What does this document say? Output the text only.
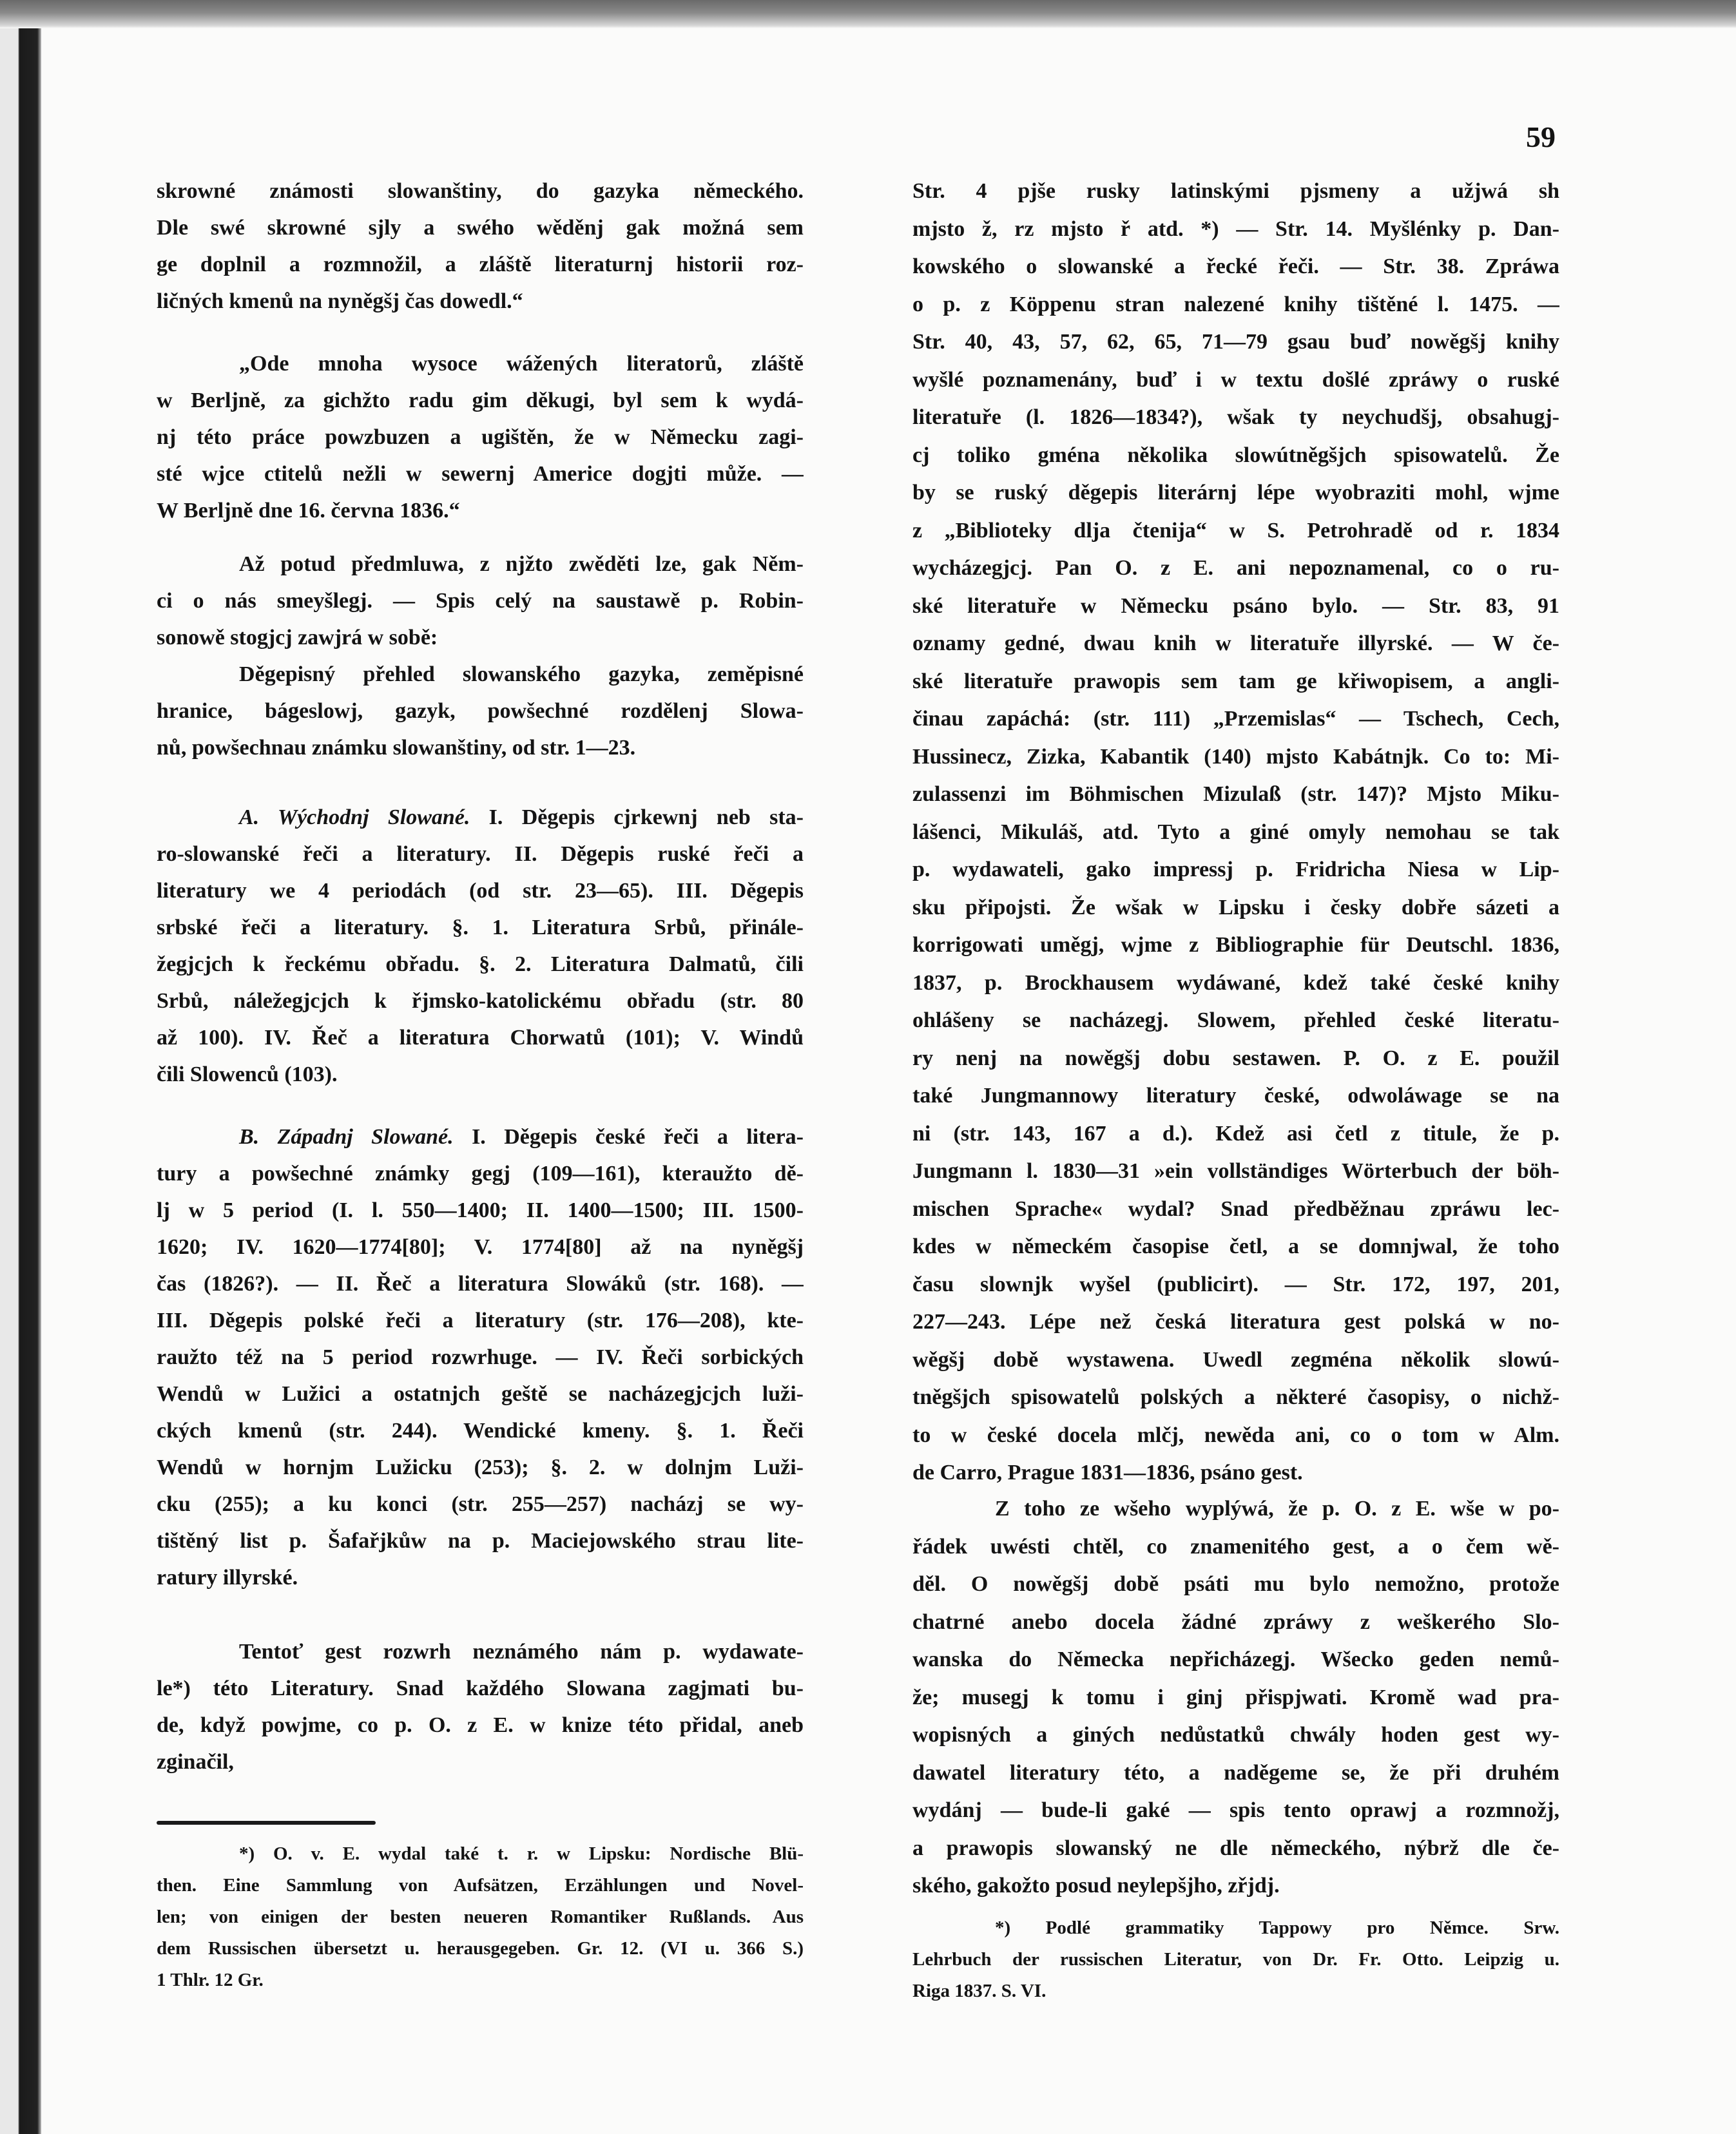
59
skrowné známosti slowanštiny, do gazyka německého.
Dle swé skrowné sjly a swého wěděnj gak možná sem
ge doplnil a rozmnožil, a zláště literaturnj historii roz-
ličných kmenů na nyněgšj čas dowedl.“
„Ode mnoha wysoce wážených literatorů, zláště
w Berljně, za gichžto radu gim děkugi, byl sem k wydá-
nj této práce powzbuzen a ugištěn, že w Německu zagi-
sté wjce ctitelů nežli w sewernj Americe dogjti může. —
W Berljně dne 16. června 1836.“
Až potud předmluwa, z njžto zwěděti lze, gak Něm-
ci o nás smeyšlegj. — Spis celý na saustawě p. Robin-
sonowě stogjcj zawjrá w sobě:
Děgepisný přehled slowanského gazyka, zeměpisné
hranice, bágeslowj, gazyk, powšechné rozdělenj Slowa-
nů, powšechnau známku slowanštiny, od str. 1—23.
A. Wýchodnj Slowané. I. Děgepis cjrkewnj neb sta-
ro-slowanské řeči a literatury. II. Děgepis ruské řeči a
literatury we 4 periodách (od str. 23—65). III. Děgepis
srbské řeči a literatury. §. 1. Literatura Srbů, přinále-
žegjcjch k řeckému obřadu. §. 2. Literatura Dalmatů, čili
Srbů, náležegjcjch k řjmsko-katolickému obřadu (str. 80
až 100). IV. Řeč a literatura Chorwatů (101); V. Windů
čili Slowenců (103).
B. Západnj Slowané. I. Děgepis české řeči a litera-
tury a powšechné známky gegj (109—161), kteraužto dě-
lj w 5 period (I. l. 550—1400; II. 1400—1500; III. 1500-
1620; IV. 1620—1774[80]; V. 1774[80] až na nyněgšj
čas (1826?). — II. Řeč a literatura Slowáků (str. 168). —
III. Děgepis polské řeči a literatury (str. 176—208), kte-
raužto též na 5 period rozwrhuge. — IV. Řeči sorbických
Wendů w Lužici a ostatnjch geště se nacházegjcjch luži-
ckých kmenů (str. 244). Wendické kmeny. §. 1. Řeči
Wendů w hornjm Lužicku (253); §. 2. w dolnjm Luži-
cku (255); a ku konci (str. 255—257) nacházj se wy-
tištěný list p. Šafařjkůw na p. Maciejowského strau lite-
ratury illyrské.
Tentoť gest rozwrh neznámého nám p. wydawate-
le*) této Literatury. Snad každého Slowana zagjmati bu-
de, když powjme, co p. O. z E. w knize této přidal, aneb
zginačil,
*) O. v. E. wydal také t. r. w Lipsku: Nordische Blü-
then. Eine Sammlung von Aufsätzen, Erzählungen und Novel-
len; von einigen der besten neueren Romantiker Rußlands. Aus
dem Russischen übersetzt u. herausgegeben. Gr. 12. (VI u. 366 S.)
1 Thlr. 12 Gr.
Str. 4 pjše rusky latinskými pjsmeny a užjwá sh
mjsto ž, rz mjsto ř atd. *) — Str. 14. Myšlénky p. Dan-
kowského o slowanské a řecké řeči. — Str. 38. Zpráwa
o p. z Köppenu stran nalezené knihy tištěné l. 1475. —
Str. 40, 43, 57, 62, 65, 71—79 gsau buď nowěgšj knihy
wyšlé poznamenány, buď i w textu došlé zpráwy o ruské
literatuře (l. 1826—1834?), wšak ty neychudšj, obsahugj-
cj toliko gména několika slowútněgšjch spisowatelů. Že
by se ruský děgepis literárnj lépe wyobraziti mohl, wjme
z „Biblioteky dlja čtenija“ w S. Petrohradě od r. 1834
wycházegjcj. Pan O. z E. ani nepoznamenal, co o ru-
ské literatuře w Německu psáno bylo. — Str. 83, 91
oznamy gedné, dwau knih w literatuře illyrské. — W če-
ské literatuře prawopis sem tam ge křiwopisem, a angli-
činau zapáchá: (str. 111) „Przemislas“ — Tschech, Cech,
Hussinecz, Zizka, Kabantik (140) mjsto Kabátnjk. Co to: Mi-
zulassenzi im Böhmischen Mizulaß (str. 147)? Mjsto Miku-
lášenci, Mikuláš, atd. Tyto a giné omyly nemohau se tak
p. wydawateli, gako impressj p. Fridricha Niesa w Lip-
sku připojsti. Že wšak w Lipsku i česky dobře sázeti a
korrigowati uměgj, wjme z Bibliographie für Deutschl. 1836,
1837, p. Brockhausem wydáwané, kdež také české knihy
ohlášeny se nacházegj. Slowem, přehled české literatu-
ry nenj na nowěgšj dobu sestawen. P. O. z E. použil
také Jungmannowy literatury české, odwoláwage se na
ni (str. 143, 167 a d.). Kdež asi četl z titule, že p.
Jungmann l. 1830—31 »ein vollständiges Wörterbuch der böh-
mischen Sprache« wydal? Snad předběžnau zpráwu lec-
kdes w německém časopise četl, a se domnjwal, že toho
času slownjk wyšel (publicirt). — Str. 172, 197, 201,
227—243. Lépe než česká literatura gest polská w no-
wěgšj době wystawena. Uwedl zegména několik slowú-
tněgšjch spisowatelů polských a některé časopisy, o nichž-
to w české docela mlčj, newěda ani, co o tom w Alm.
de Carro, Prague 1831—1836, psáno gest.
Z toho ze wšeho wyplýwá, že p. O. z E. wše w po-
řádek uwésti chtěl, co znamenitého gest, a o čem wě-
děl. O nowěgšj době psáti mu bylo nemožno, protože
chatrné anebo docela žádné zpráwy z weškerého Slo-
wanska do Německa nepřicházegj. Wšecko geden nemů-
že; musegj k tomu i ginj přispjwati. Kromě wad pra-
wopisných a giných nedůstatků chwály hoden gest wy-
dawatel literatury této, a naděgeme se, že při druhém
wydánj — bude-li gaké — spis tento oprawj a rozmnožj,
a prawopis slowanský ne dle německého, nýbrž dle če-
ského, gakožto posud neylepšjho, zřjdj.
*) Podlé grammatiky Tappowy pro Němce. Srw.
Lehrbuch der russischen Literatur, von Dr. Fr. Otto. Leipzig u.
Riga 1837. S. VI.
